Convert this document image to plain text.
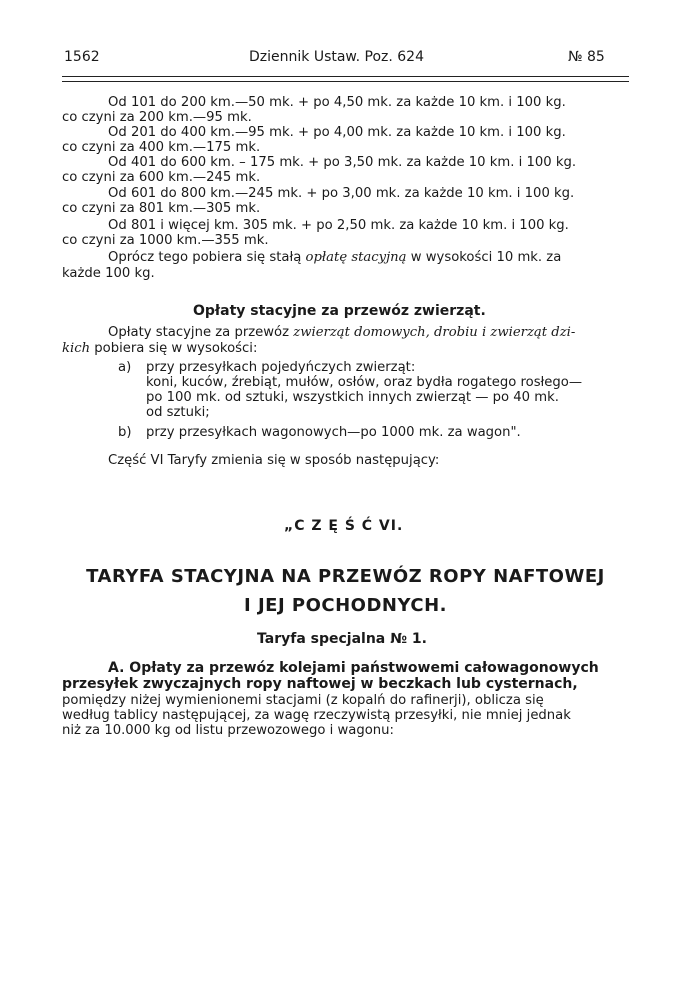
1562	Dziennik Ustaw. Poz. 624	№ 85
Od 101 do 200 km.—50 mk. + po 4,50 mk. za każde 10 km. i 100 kg.
co czyni za 200 km.—95 mk.
Od 201 do 400 km.—95 mk. + po 4,00 mk. za każde 10 km. i 100 kg.
co czyni za 400 km.—175 mk.
Od 401 do 600 km. – 175 mk. + po 3,50 mk. za każde 10 km. i 100 kg.
co czyni za 600 km.—245 mk.
Od 601 do 800 km.—245 mk. + po 3,00 mk. za każde 10 km. i 100 kg.
co czyni za 801 km.—305 mk.
Od 801 i więcej km. 305 mk. + po 2,50 mk. za każde 10 km. i 100 kg.
co czyni za 1000 km.—355 mk.
Oprócz tego pobiera się stałą opłatę stacyjną w wysokości 10 mk. za
każde 100 kg.
Opłaty stacyjne za przewóz zwierząt.
Opłaty stacyjne za przewóz zwierząt domowych, drobiu i zwierząt dzi-
kich pobiera się w wysokości:
a) przy przesyłkach pojedyńczych zwierząt:
koni, kuców, źrebiąt, mułów, osłów, oraz bydła rogatego rosłego—
po 100 mk. od sztuki, wszystkich innych zwierząt — po 40 mk.
od sztuki;
b) przy przesyłkach wagonowych—po 1000 mk. za wagon".
Część VI Taryfy zmienia się w sposób następujący:
„C Z Ę Ś Ć VI.
TARYFA STACYJNA NA PRZEWÓZ ROPY NAFTOWEJ
I JEJ POCHODNYCH.
Taryfa specjalna № 1.
A. Opłaty za przewóz kolejami państwowemi całowagonowych
przesyłek zwyczajnych ropy naftowej w beczkach lub cysternach,
pomiędzy niżej wymienionemi stacjami (z kopalń do rafinerji), oblicza się
według tablicy następującej, za wagę rzeczywistą przesyłki, nie mniej jednak
niż za 10.000 kg od listu przewozowego i wagonu:
